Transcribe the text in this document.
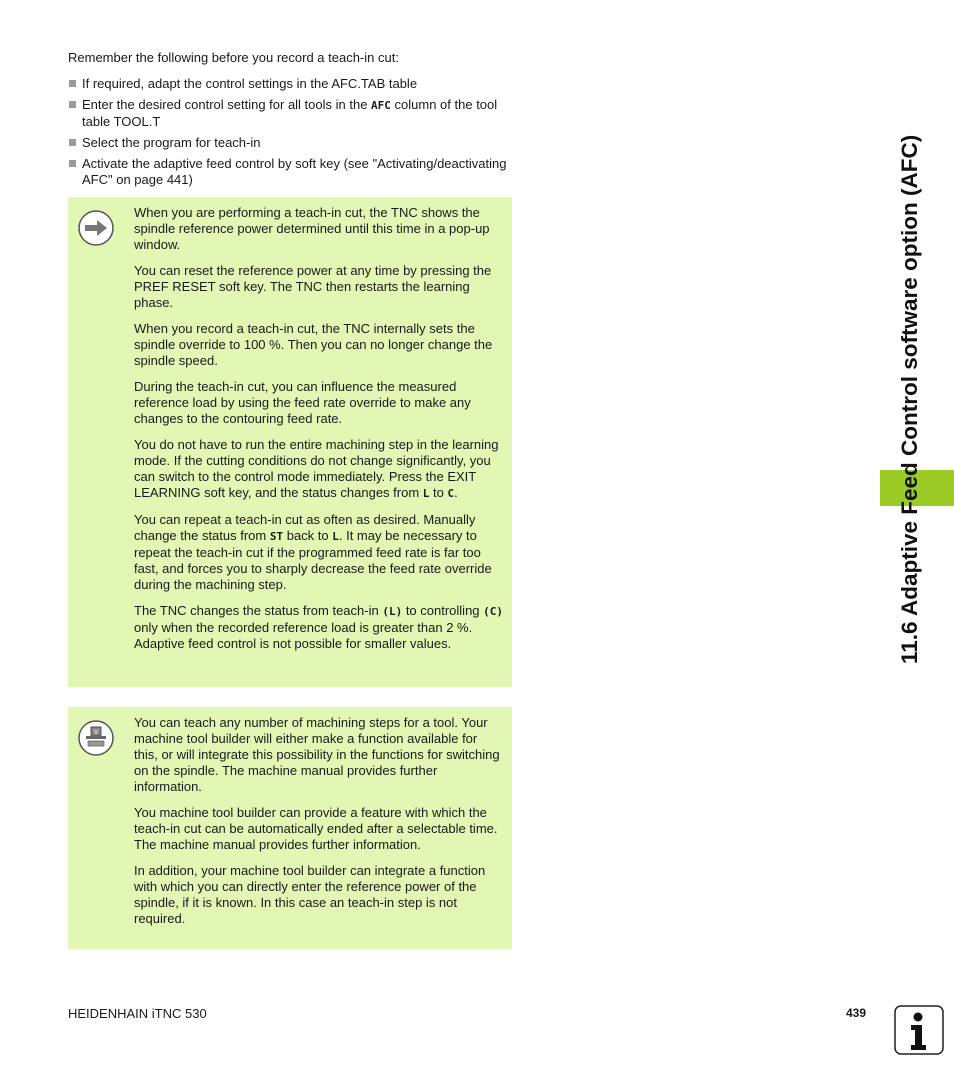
Remember the following before you record a teach-in cut:
If required, adapt the control settings in the AFC.TAB table
Enter the desired control setting for all tools in the AFC column of the tool table TOOL.T
Select the program for teach-in
Activate the adaptive feed control by soft key (see "Activating/deactivating AFC" on page 441)

When you are performing a teach-in cut, the TNC shows the spindle reference power determined until this time in a pop-up window.

You can reset the reference power at any time by pressing the PREF RESET soft key. The TNC then restarts the learning phase.

When you record a teach-in cut, the TNC internally sets the spindle override to 100 %. Then you can no longer change the spindle speed.

During the teach-in cut, you can influence the measured reference load by using the feed rate override to make any changes to the contouring feed rate.

You do not have to run the entire machining step in the learning mode. If the cutting conditions do not change significantly, you can switch to the control mode immediately. Press the EXIT LEARNING soft key, and the status changes from L to C.

You can repeat a teach-in cut as often as desired. Manually change the status from ST back to L. It may be necessary to repeat the teach-in cut if the programmed feed rate is far too fast, and forces you to sharply decrease the feed rate override during the machining step.

The TNC changes the status from teach-in (L) to controlling (C) only when the recorded reference load is greater than 2 %. Adaptive feed control is not possible for smaller values.

V

You can teach any number of machining steps for a tool. Your machine tool builder will either make a function available for this, or will integrate this possibility in the functions for switching on the spindle. The machine manual provides further information.

You machine tool builder can provide a feature with which the teach-in cut can be automatically ended after a selectable time. The machine manual provides further information.

In addition, your machine tool builder can integrate a function with which you can directly enter the reference power of the spindle, if it is known. In this case an teach-in step is not required.

11.6 Adaptive Feed Control software option (AFC)
HEIDENHAIN iTNC 530	439
